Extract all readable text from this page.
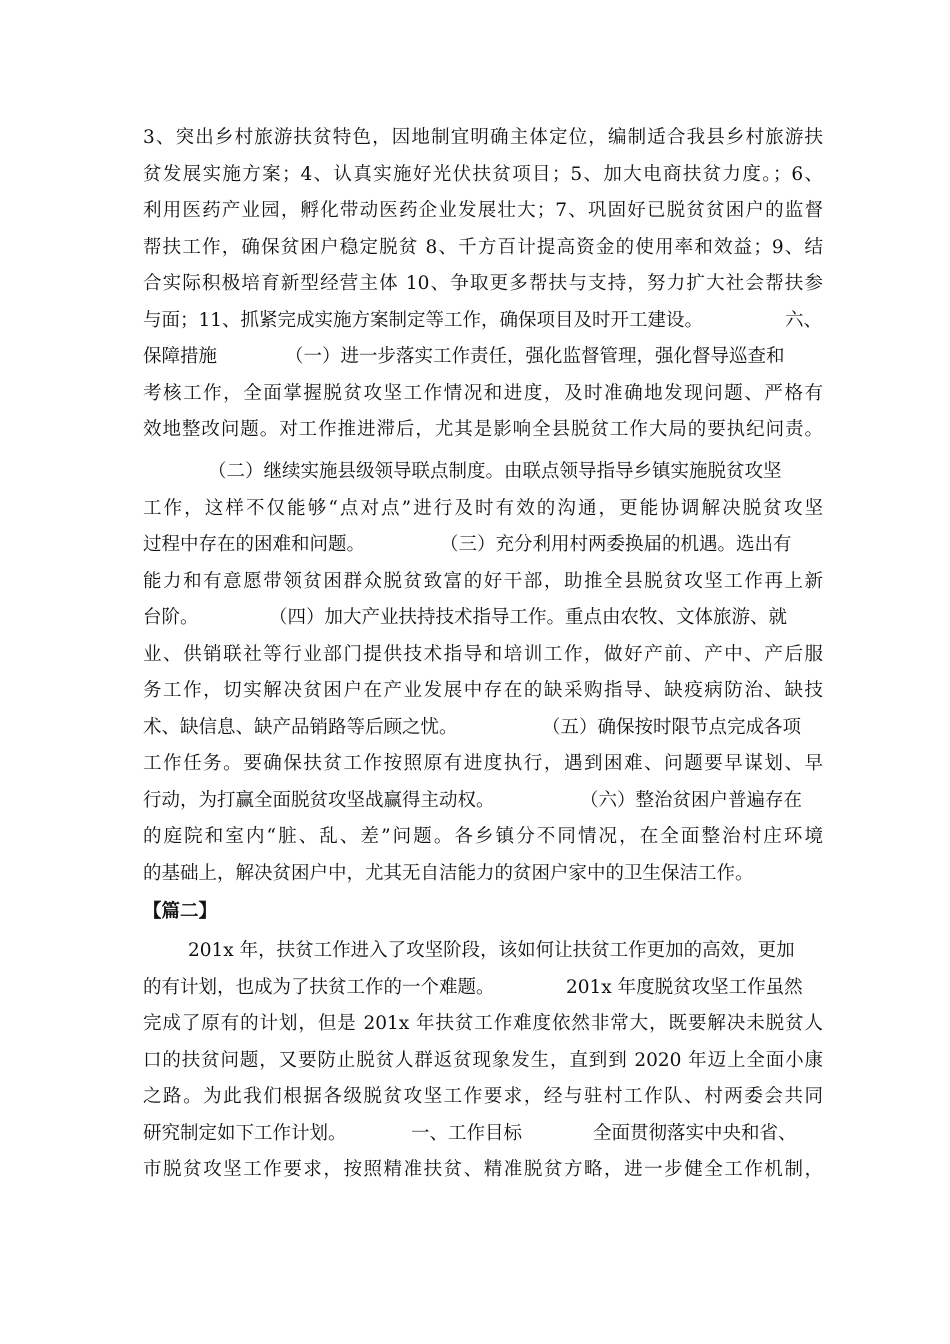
3、突出乡村旅游扶贫特色，因地制宜明确主体定位，编制适合我县乡村旅游扶
贫发展实施方案；4、认真实施好光伏扶贫项目；5、加大电商扶贫力度。；6、
利用医药产业园，孵化带动医药企业发展壮大；7、巩固好已脱贫贫困户的监督
帮扶工作，确保贫困户稳定脱贫 8、千方百计提高资金的使用率和效益；9、结
合实际积极培育新型经营主体 10、争取更多帮扶与支持，努力扩大社会帮扶参
与面；11、抓紧完成实施方案制定等工作，确保项目及时开工建设。	六、
保障措施	（一）进一步落实工作责任，强化监督管理，强化督导巡查和
考核工作，全面掌握脱贫攻坚工作情况和进度，及时准确地发现问题、严格有
效地整改问题。对工作推进滞后，尤其是影响全县脱贫工作大局的要执纪问责。
（二）继续实施县级领导联点制度。由联点领导指导乡镇实施脱贫攻坚
工作，这样不仅能够“点对点”进行及时有效的沟通，更能协调解决脱贫攻坚
过程中存在的困难和问题。	（三）充分利用村两委换届的机遇。选出有
能力和有意愿带领贫困群众脱贫致富的好干部，助推全县脱贫攻坚工作再上新
台阶。	（四）加大产业扶持技术指导工作。重点由农牧、文体旅游、就
业、供销联社等行业部门提供技术指导和培训工作，做好产前、产中、产后服
务工作，切实解决贫困户在产业发展中存在的缺采购指导、缺疫病防治、缺技
术、缺信息、缺产品销路等后顾之忧。	（五）确保按时限节点完成各项
工作任务。要确保扶贫工作按照原有进度执行，遇到困难、问题要早谋划、早
行动，为打赢全面脱贫攻坚战赢得主动权。	（六）整治贫困户普遍存在
的庭院和室内“脏、乱、差”问题。各乡镇分不同情况，在全面整治村庄环境
的基础上，解决贫困户中，尤其无自洁能力的贫困户家中的卫生保洁工作。
【篇二】
201x 年，扶贫工作进入了攻坚阶段，该如何让扶贫工作更加的高效，更加
的有计划，也成为了扶贫工作的一个难题。	201x 年度脱贫攻坚工作虽然
完成了原有的计划，但是 201x 年扶贫工作难度依然非常大，既要解决未脱贫人
口的扶贫问题，又要防止脱贫人群返贫现象发生，直到到 2020 年迈上全面小康
之路。为此我们根据各级脱贫攻坚工作要求，经与驻村工作队、村两委会共同
研究制定如下工作计划。	一、工作目标	全面贯彻落实中央和省、
市脱贫攻坚工作要求，按照精准扶贫、精准脱贫方略，进一步健全工作机制，
